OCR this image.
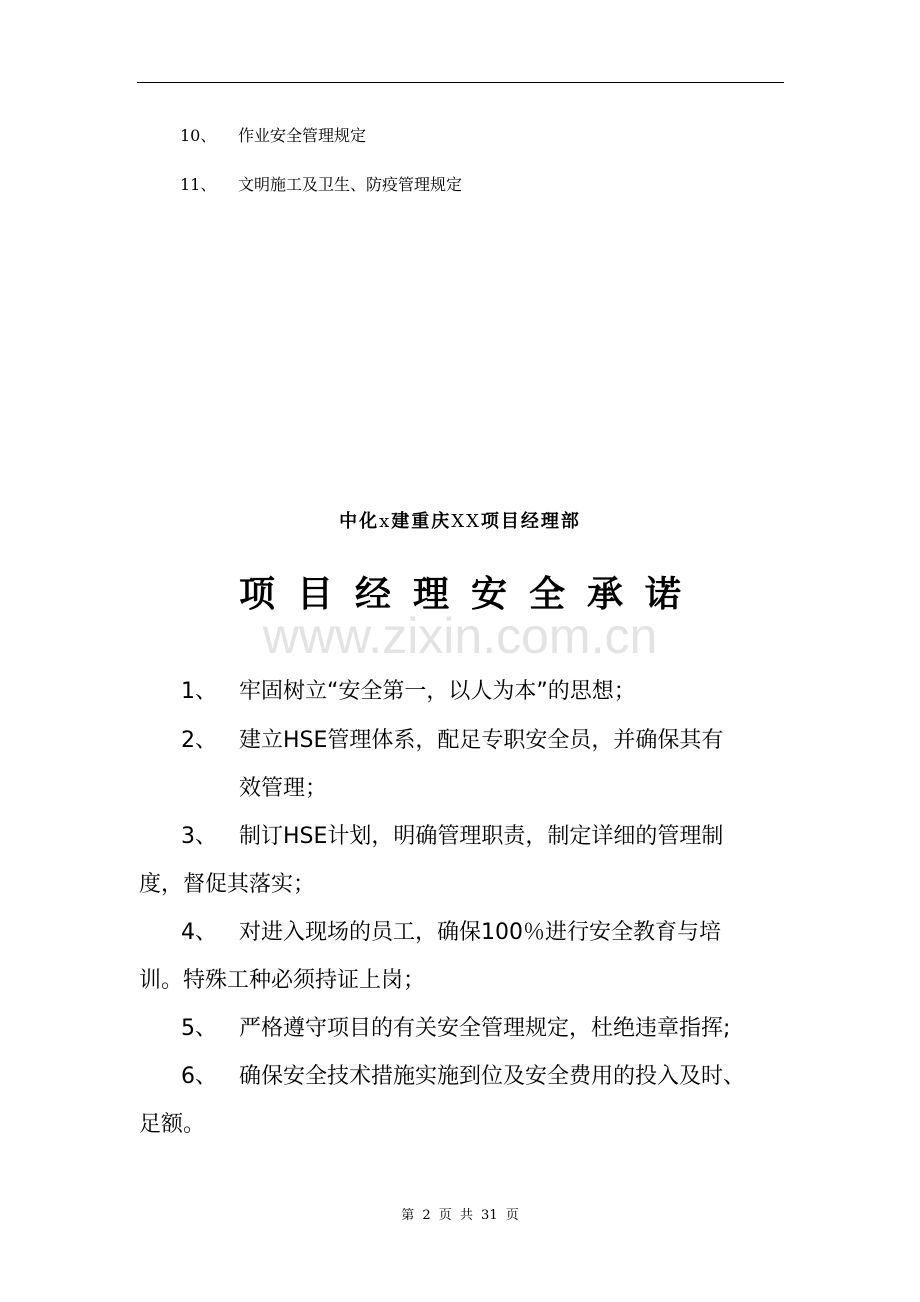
10、 作业安全管理规定
11、 文明施工及卫生、防疫管理规定
中化x建重庆XX项目经理部
项目经理安全承诺
www.zixin.com.cn
1、 牢固树立“安全第一，以人为本”的思想；
2、 建立HSE管理体系，配足专职安全员，并确保其有
效管理；
3、 制订HSE计划，明确管理职责，制定详细的管理制
度，督促其落实；
4、 对进入现场的员工，确保100％进行安全教育与培
训。特殊工种必须持证上岗；
5、 严格遵守项目的有关安全管理规定，杜绝违章指挥;
6、 确保安全技术措施实施到位及安全费用的投入及时、
足额。
第 2 页 共 31 页
